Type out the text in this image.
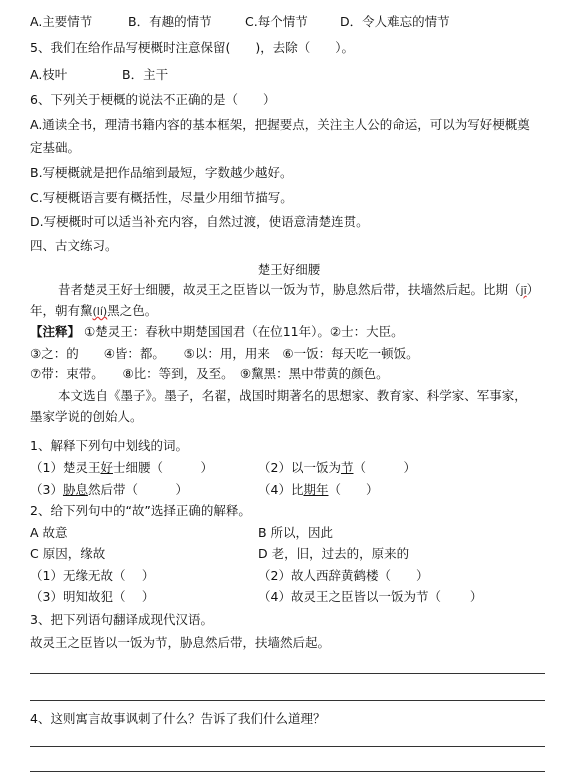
A.主要情节	B．有趣的情节	C.每个情节	D．令人难忘的情节
5、我们在给作品写梗概时注意保留(　　)，去除（　　）。
A.枝叶	B．主干
6、下列关于梗概的说法不正确的是（　　）
A.通读全书，理清书籍内容的基本框架，把握要点，关注主人公的命运，可以为写好梗概奠
定基础。
B.写梗概就是把作品缩到最短，字数越少越好。
C.写梗概语言要有概括性，尽量少用细节描写。
D.写梗概时可以适当补充内容，自然过渡，使语意清楚连贯。
四、古文练习。
楚王好细腰
昔者楚灵王好士细腰，故灵王之臣皆以一饭为节，胁息然后带，扶墙然后起。比期（jī）
年，朝有黧(lí)黑之色。
【注释】 ①楚灵王：春秋中期楚国国君（在位11年）。②士：大臣。
③之：的　　④皆：都。　　⑤以：用，用来　⑥一饭：每天吃一顿饭。
⑦带：束带。　　⑧比：等到，及至。　⑨黧黑：黑中带黄的颜色。
本文选自《墨子》。墨子，名翟，战国时期著名的思想家、教育家、科学家、军事家，
墨家学说的创始人。
1、解释下列句中划线的词。
（1）楚灵王好士细腰（　　　）	（2）以一饭为节（　　　）
（3）胁息然后带（　　　）	（4）比期年（　　）
2、给下列句中的“故”选择正确的解释。
A 故意	B 所以，因此
C 原因，缘故	D 老，旧，过去的，原来的
（1）无缘无故（　 ）	（2）故人西辞黄鹤楼（　　）
（3）明知故犯（　 ）	（4）故灵王之臣皆以一饭为节（　　 ）
3、把下列语句翻译成现代汉语。
故灵王之臣皆以一饭为节，胁息然后带，扶墙然后起。
4、这则寓言故事讽刺了什么？告诉了我们什么道理？
